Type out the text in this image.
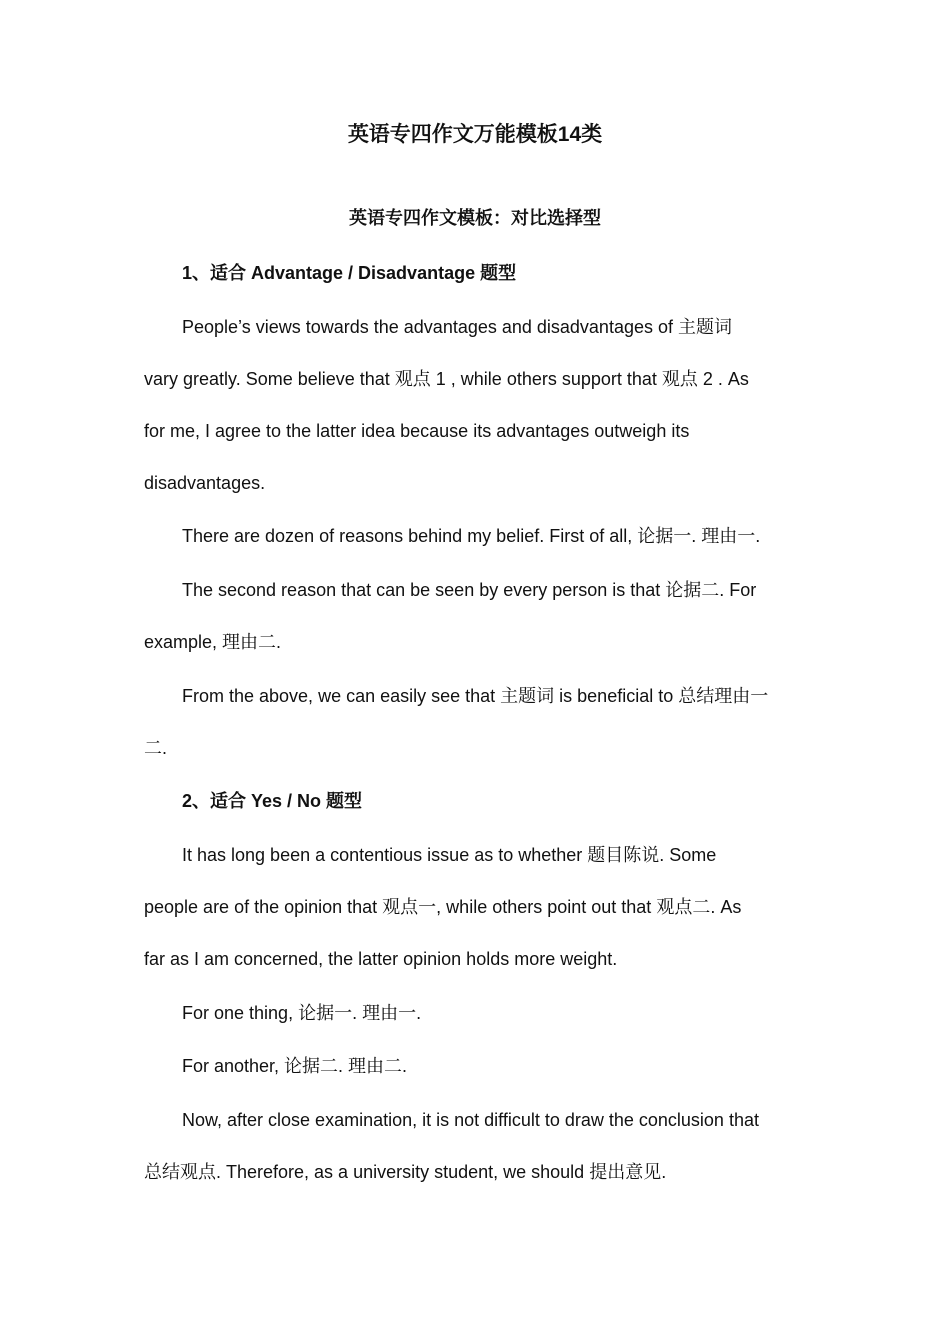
英语专四作文万能模板14类
英语专四作文模板：对比选择型
1、适合 Advantage / Disadvantage 题型
People’s views towards the advantages and disadvantages of 主题词
vary greatly. Some believe that 观点 1 , while others support that 观点 2 . As
for me, I agree to the latter idea because its advantages outweigh its
disadvantages.
There are dozen of reasons behind my belief. First of all, 论据一. 理由一.
The second reason that can be seen by every person is that 论据二. For
example, 理由二.
From the above, we can easily see that 主题词 is beneficial to 总结理由一
二.
2、适合 Yes / No 题型
It has long been a contentious issue as to whether 题目陈说. Some
people are of the opinion that 观点一, while others point out that 观点二. As
far as I am concerned, the latter opinion holds more weight.
For one thing, 论据一. 理由一.
For another, 论据二. 理由二.
Now, after close examination, it is not difficult to draw the conclusion that
总结观点. Therefore, as a university student, we should 提出意见.
